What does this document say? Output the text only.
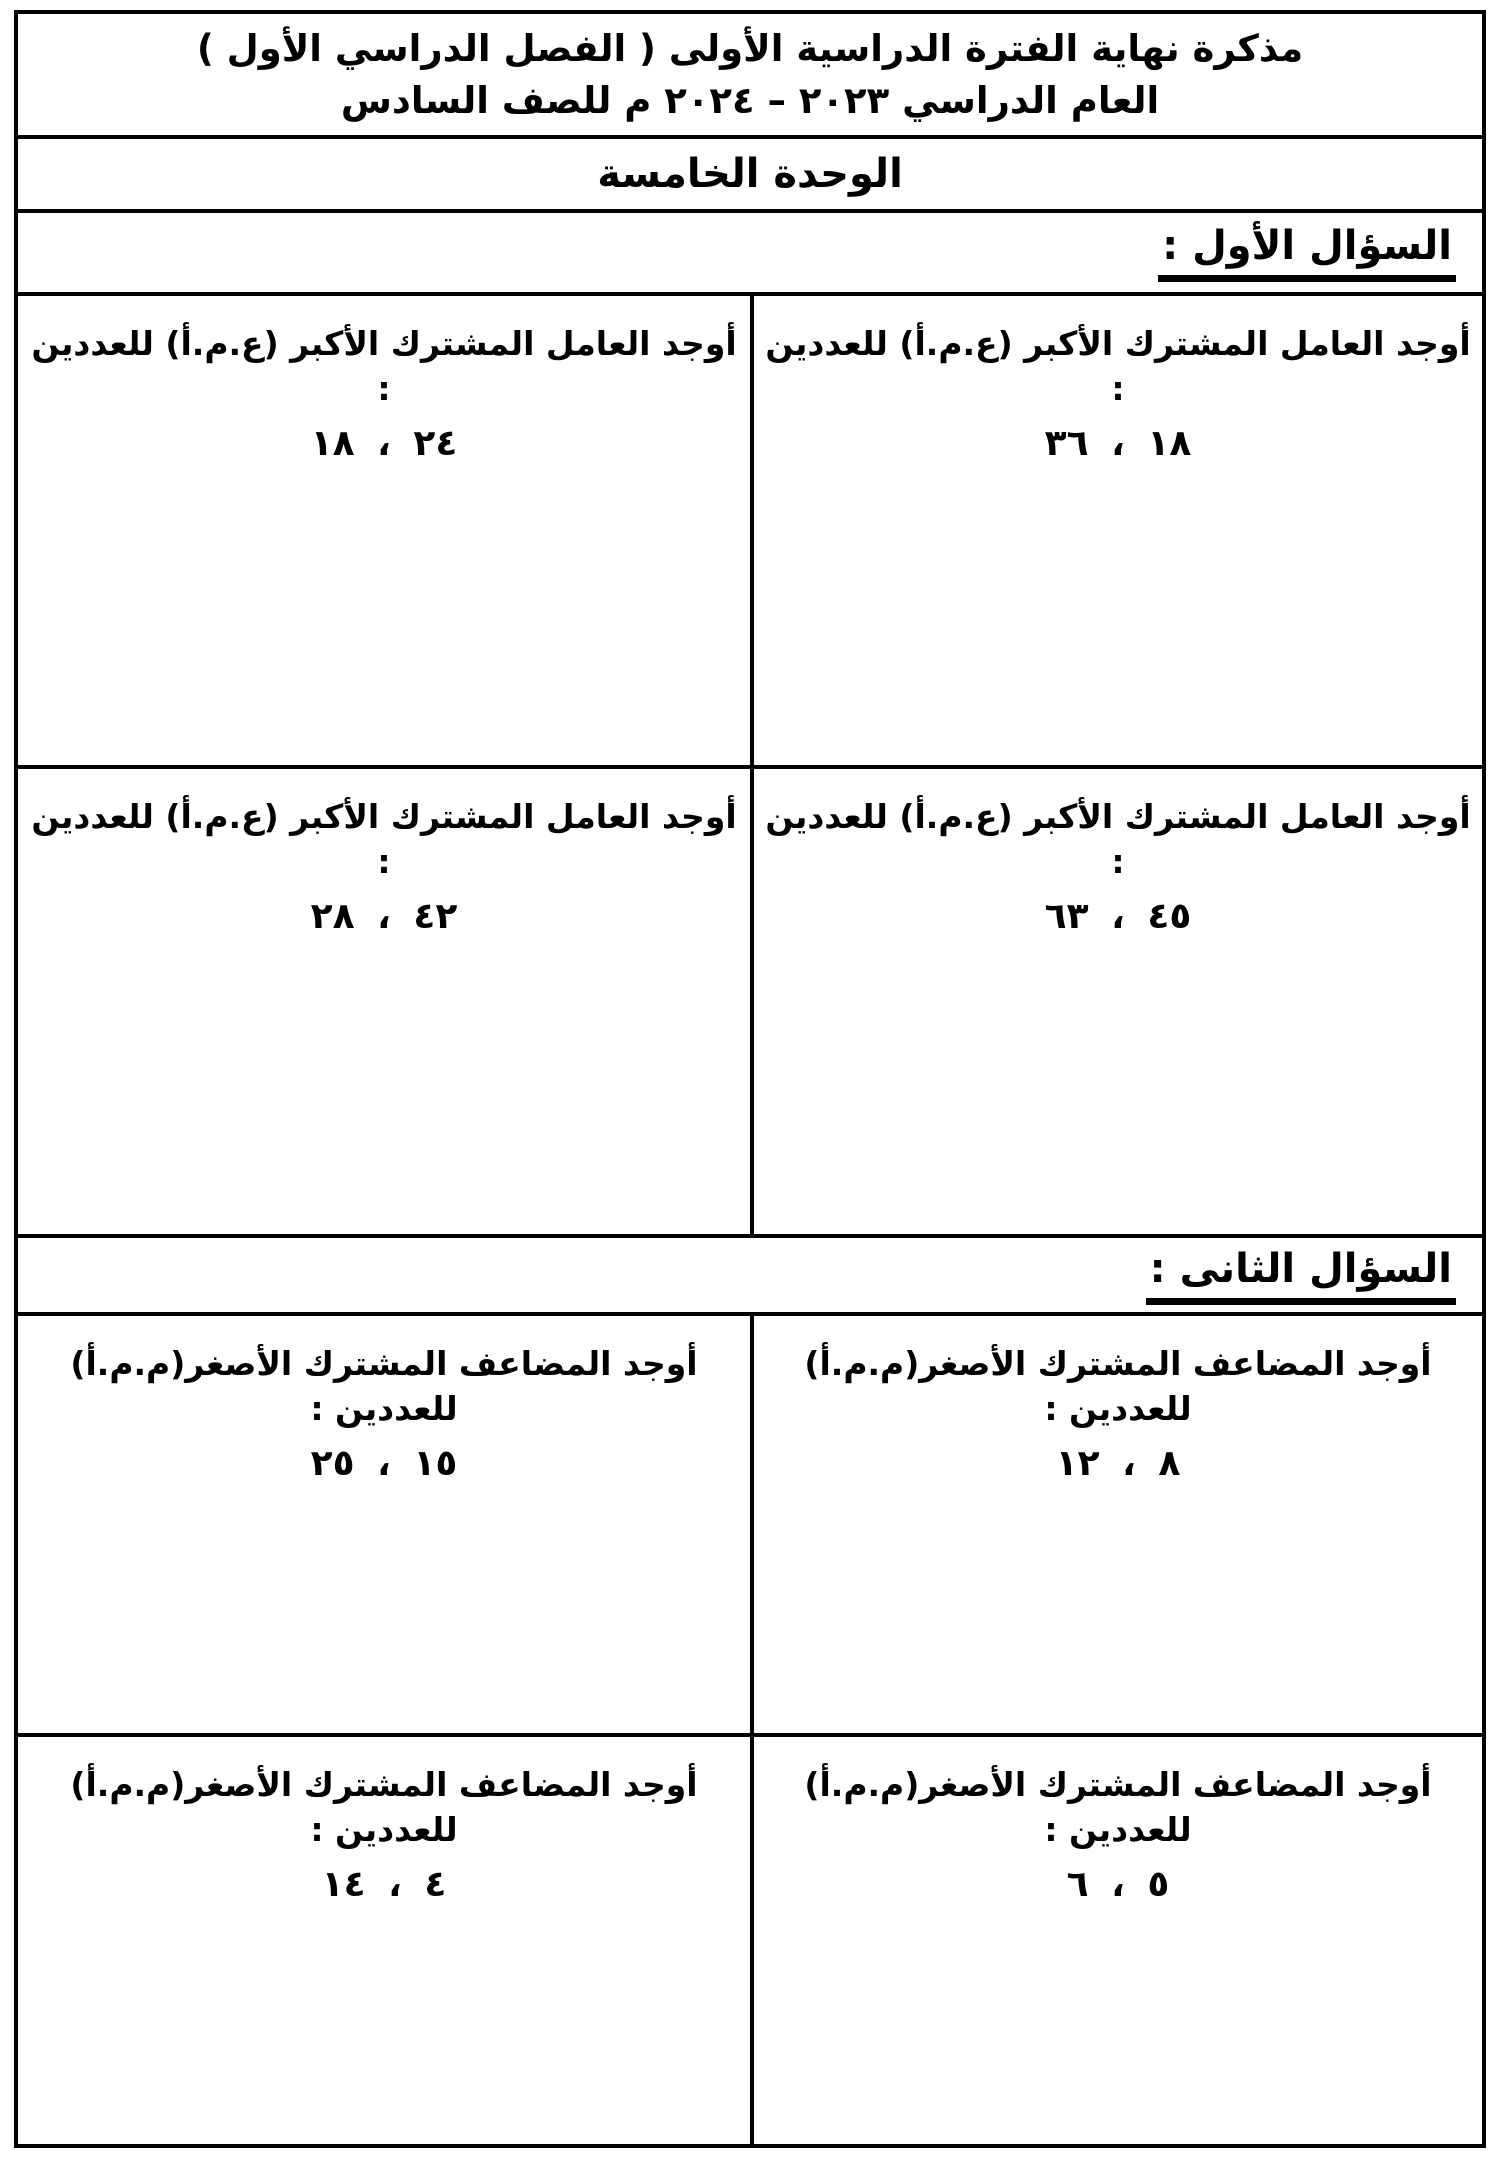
مذكرة نهاية الفترة الدراسية الأولى ( الفصل الدراسي الأول )
العام الدراسي ٢٠٢٣ – ٢٠٢٤ م للصف السادس
الوحدة الخامسة
السؤال الأول :
أوجد العامل المشترك الأكبر (ع.م.أ) للعددين :
١٨ ، ٣٦
أوجد العامل المشترك الأكبر (ع.م.أ) للعددين :
٢٤ ، ١٨
أوجد العامل المشترك الأكبر (ع.م.أ) للعددين :
٤٥ ، ٦٣
أوجد العامل المشترك الأكبر (ع.م.أ) للعددين :
٤٢ ، ٢٨
السؤال الثانى :
أوجد المضاعف المشترك الأصغر(م.م.أ) للعددين :
٨ ، ١٢
أوجد المضاعف المشترك الأصغر(م.م.أ) للعددين :
١٥ ، ٢٥
أوجد المضاعف المشترك الأصغر(م.م.أ) للعددين :
٥ ، ٦
أوجد المضاعف المشترك الأصغر(م.م.أ) للعددين :
٤ ، ١٤
